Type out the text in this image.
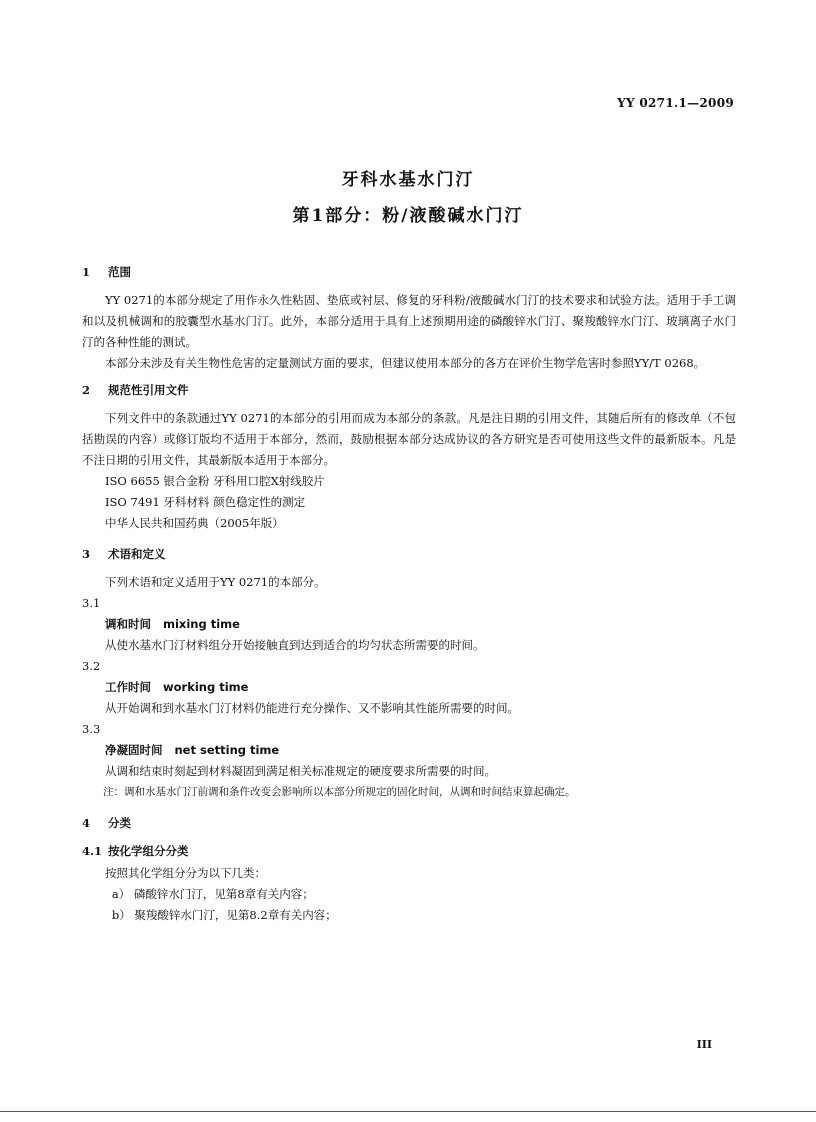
YY 0271.1—2009

牙科水基水门汀

第1部分：粉/液酸碱水门汀

1 范围

YY 0271的本部分规定了用作永久性粘固、垫底或衬层、修复的牙科粉/液酸碱水门汀的技术要求和试验方法。适用于手工调和以及机械调和的胶囊型水基水门汀。此外，本部分适用于具有上述预期用途的磷酸锌水门汀、聚羧酸锌水门汀、玻璃离子水门汀的各种性能的测试。

本部分未涉及有关生物性危害的定量测试方面的要求，但建议使用本部分的各方在评价生物学危害时参照YY/T 0268。

2 规范性引用文件

下列文件中的条款通过YY 0271的本部分的引用而成为本部分的条款。凡是注日期的引用文件，其随后所有的修改单（不包括勘误的内容）或修订版均不适用于本部分，然而，鼓励根据本部分达成协议的各方研究是否可使用这些文件的最新版本。凡是不注日期的引用文件，其最新版本适用于本部分。

ISO 6655 银合金粉 牙科用口腔X射线胶片

ISO 7491 牙科材料 颜色稳定性的测定

中华人民共和国药典（2005年版）

3 术语和定义

下列术语和定义适用于YY 0271的本部分。

3.1

调和时间 mixing time

从使水基水门汀材料组分开始接触直到达到适合的均匀状态所需要的时间。

3.2

工作时间 working time

从开始调和到水基水门汀材料仍能进行充分操作、又不影响其性能所需要的时间。

3.3

净凝固时间 net setting time

从调和结束时刻起到材料凝固到满足相关标准规定的硬度要求所需要的时间。

注：调和水基水门汀前调和条件改变会影响所以本部分所规定的固化时间，从调和时间结束算起确定。

4 分类

4.1 按化学组分分类

按照其化学组分分为以下几类：

a） 磷酸锌水门汀，见第8章有关内容；

b） 聚羧酸锌水门汀，见第8.2章有关内容；

III
